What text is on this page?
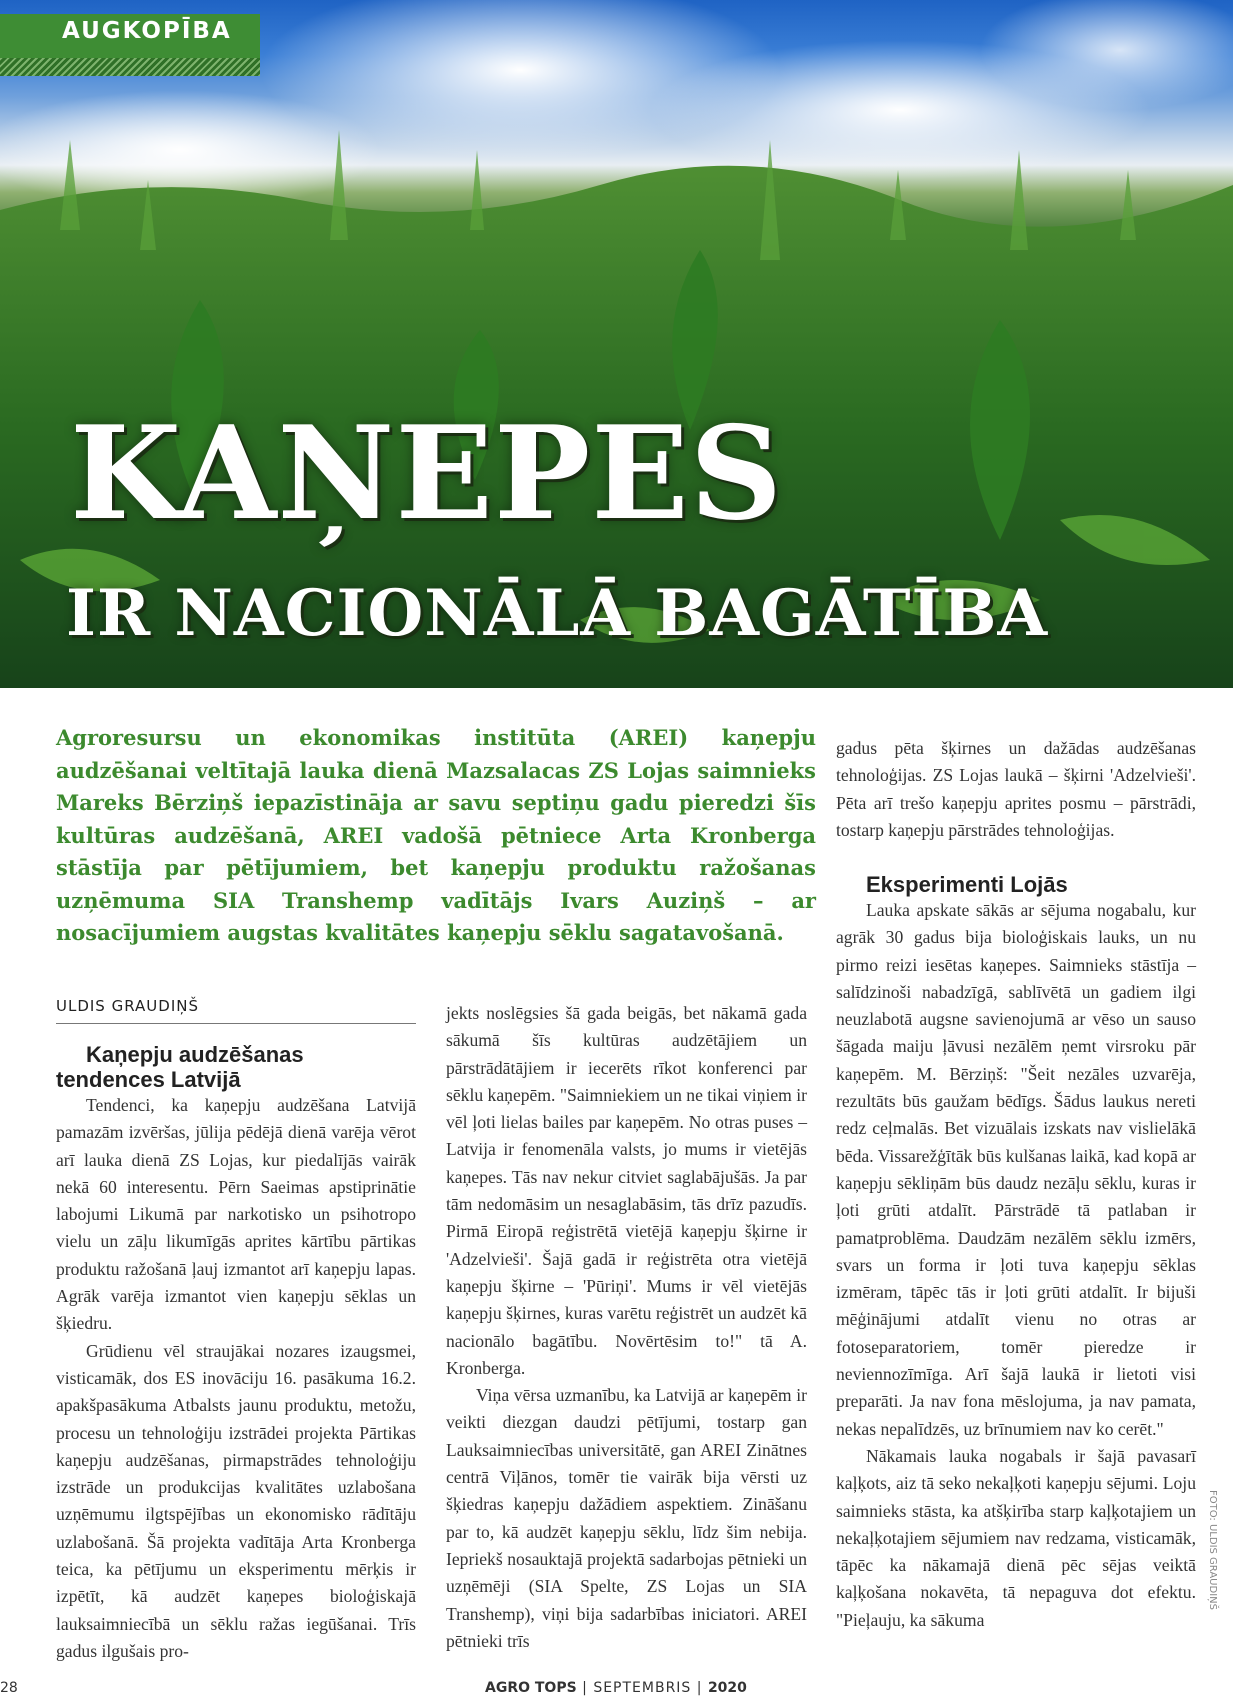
AUGKOPĪBA
KAŅEPES
IR NACIONĀLĀ BAGĀTĪBA
Agroresursu un ekonomikas institūta (AREI) kaņepju audzēšanai veltītajā lauka dienā Mazsalacas ZS Lojas saimnieks Mareks Bērziņš iepazīstināja ar savu septiņu gadu pieredzi šīs kultūras audzēšanā, AREI vadošā pētniece Arta Kronberga stāstīja par pētījumiem, bet kaņepju produktu ražošanas uzņēmuma SIA Transhemp vadītājs Ivars Auziņš – ar nosacījumiem augstas kvalitātes kaņepju sēklu sagatavošanā.
ULDIS GRAUDIŅŠ

Kaņepju audzēšanas tendences Latvijā

Tendenci, ka kaņepju audzēšana Latvijā pamazām izvēršas, jūlija pēdējā dienā varēja vērot arī lauka dienā ZS Lojas, kur piedalījās vairāk nekā 60 interesentu. Pērn Saeimas apstiprinātie labojumi Likumā par narkotisko un psihotropo vielu un zāļu likumīgās aprites kārtību pārtikas produktu ražošanā ļauj izmantot arī kaņepju lapas. Agrāk varēja izmantot vien kaņepju sēklas un šķiedru.

Grūdienu vēl straujākai nozares izaugsmei, visticamāk, dos ES inovāciju 16. pasākuma 16.2. apakšpasākuma Atbalsts jaunu produktu, metožu, procesu un tehnoloģiju izstrādei projekta Pārtikas kaņepju audzēšanas, pirmapstrādes tehnoloģiju izstrāde un produkcijas kvalitātes uzlabošana uzņēmumu ilgtspējības un ekonomisko rādītāju uzlabošanā. Šā projekta vadītāja Arta Kronberga teica, ka pētījumu un eksperimentu mērķis ir izpētīt, kā audzēt kaņepes bioloģiskajā lauksaimniecībā un sēklu ražas iegūšanai. Trīs gadus ilgušais pro-

jekts noslēgsies šā gada beigās, bet nākamā gada sākumā šīs kultūras audzētājiem un pārstrādātājiem ir iecerēts rīkot konferenci par sēklu kaņepēm. "Saimniekiem un ne tikai viņiem ir vēl ļoti lielas bailes par kaņepēm. No otras puses – Latvija ir fenomenāla valsts, jo mums ir vietējās kaņepes. Tās nav nekur citviet saglabājušās. Ja par tām nedomāsim un nesaglabāsim, tās drīz pazudīs. Pirmā Eiropā reģistrētā vietējā kaņepju šķirne ir 'Adzelvieši'. Šajā gadā ir reģistrēta otra vietējā kaņepju šķirne – 'Pūriņi'. Mums ir vēl vietējās kaņepju šķirnes, kuras varētu reģistrēt un audzēt kā nacionālo bagātību. Novērtēsim to!" tā A. Kronberga.

Viņa vērsa uzmanību, ka Latvijā ar kaņepēm ir veikti diezgan daudzi pētījumi, tostarp gan Lauksaimniecības universitātē, gan AREI Zinātnes centrā Viļānos, tomēr tie vairāk bija vērsti uz šķiedras kaņepju dažādiem aspektiem. Zināšanu par to, kā audzēt kaņepju sēklu, līdz šim nebija. Iepriekš nosauktajā projektā sadarbojas pētnieki un uzņēmēji (SIA Spelte, ZS Lojas un SIA Transhemp), viņi bija sadarbības iniciatori. AREI pētnieki trīs

gadus pēta šķirnes un dažādas audzēšanas tehnoloģijas. ZS Lojas laukā – šķirni 'Adzelvieši'. Pēta arī trešo kaņepju aprites posmu – pārstrādi, tostarp kaņepju pārstrādes tehnoloģijas.

Eksperimenti Lojās

Lauka apskate sākās ar sējuma nogabalu, kur agrāk 30 gadus bija bioloģiskais lauks, un nu pirmo reizi iesētas kaņepes. Saimnieks stāstīja – salīdzinoši nabadzīgā, sablīvētā un gadiem ilgi neuzlabotā augsne savienojumā ar vēso un sauso šāgada maiju ļāvusi nezālēm ņemt virsroku pār kaņepēm. M. Bērziņš: "Šeit nezāles uzvarēja, rezultāts būs gaužam bēdīgs. Šādus laukus nereti redz ceļmalās. Bet vizuālais izskats nav vislielākā bēda. Vissarežģītāk būs kulšanas laikā, kad kopā ar kaņepju sēkliņām būs daudz nezāļu sēklu, kuras ir ļoti grūti atdalīt. Pārstrādē tā patlaban ir pamatproblēma. Daudzām nezālēm sēklu izmērs, svars un forma ir ļoti tuva kaņepju sēklas izmēram, tāpēc tās ir ļoti grūti atdalīt. Ir bijuši mēģinājumi atdalīt vienu no otras ar fotoseparatoriem, tomēr pieredze ir neviennozīmīga. Arī šajā laukā ir lietoti visi preparāti. Ja nav fona mēslojuma, ja nav pamata, nekas nepalīdzēs, uz brīnumiem nav ko cerēt."

Nākamais lauka nogabals ir šajā pavasarī kaļķots, aiz tā seko nekaļķoti kaņepju sējumi. Loju saimnieks stāsta, ka atšķirība starp kaļķotajiem un nekaļķotajiem sējumiem nav redzama, visticamāk, tāpēc ka nākamajā dienā pēc sējas veiktā kaļķošana nokavēta, tā nepaguva dot efektu. "Pieļauju, ka sākuma

FOTO: ULDIS GRAUDIŅŠ
28	AGRO TOPS | SEPTEMBRIS | 2020
